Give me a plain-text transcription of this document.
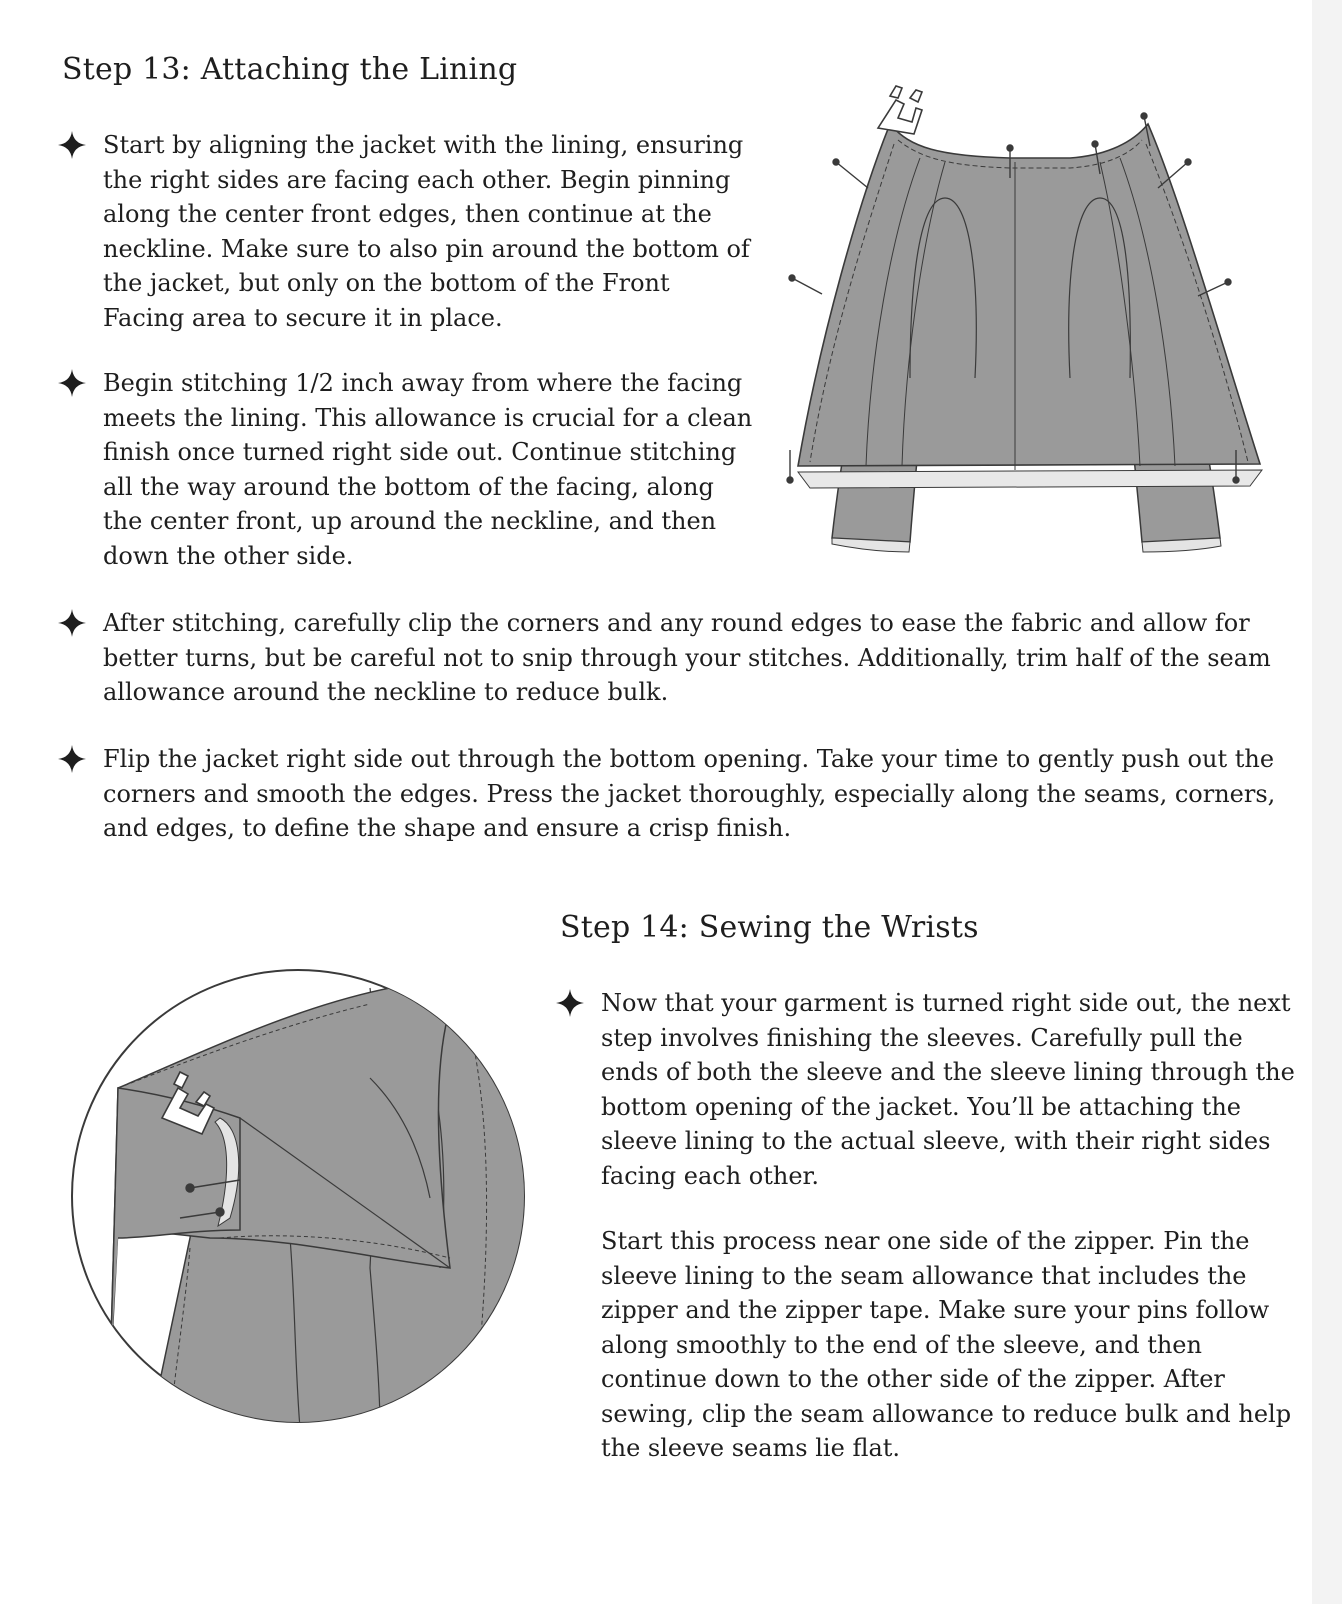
Step 13: Attaching the Lining

Start by aligning the jacket with the lining, ensuring the right sides are facing each other. Begin pinning along the center front edges, then continue at the neckline. Make sure to also pin around the bottom of the jacket, but only on the bottom of the Front Facing area to secure it in place.

Begin stitching 1/2 inch away from where the facing meets the lining. This allowance is crucial for a clean finish once turned right side out. Continue stitching all the way around the bottom of the facing, along the center front, up around the neckline, and then down the other side.

After stitching, carefully clip the corners and any round edges to ease the fabric and allow for better turns, but be careful not to snip through your stitches. Additionally, trim half of the seam allowance around the neckline to reduce bulk.

Flip the jacket right side out through the bottom opening. Take your time to gently push out the corners and smooth the edges. Press the jacket thoroughly, especially along the seams, corners, and edges, to define the shape and ensure a crisp finish.

Step 14: Sewing the Wrists

Now that your garment is turned right side out, the next step involves finishing the sleeves. Carefully pull the ends of both the sleeve and the sleeve lining through the bottom opening of the jacket. You’ll be attaching the sleeve lining to the actual sleeve, with their right sides facing each other.

Start this process near one side of the zipper. Pin the sleeve lining to the seam allowance that includes the zipper and the zipper tape. Make sure your pins follow along smoothly to the end of the sleeve, and then continue down to the other side of the zipper. After sewing, clip the seam allowance to reduce bulk and help the sleeve seams lie flat.
